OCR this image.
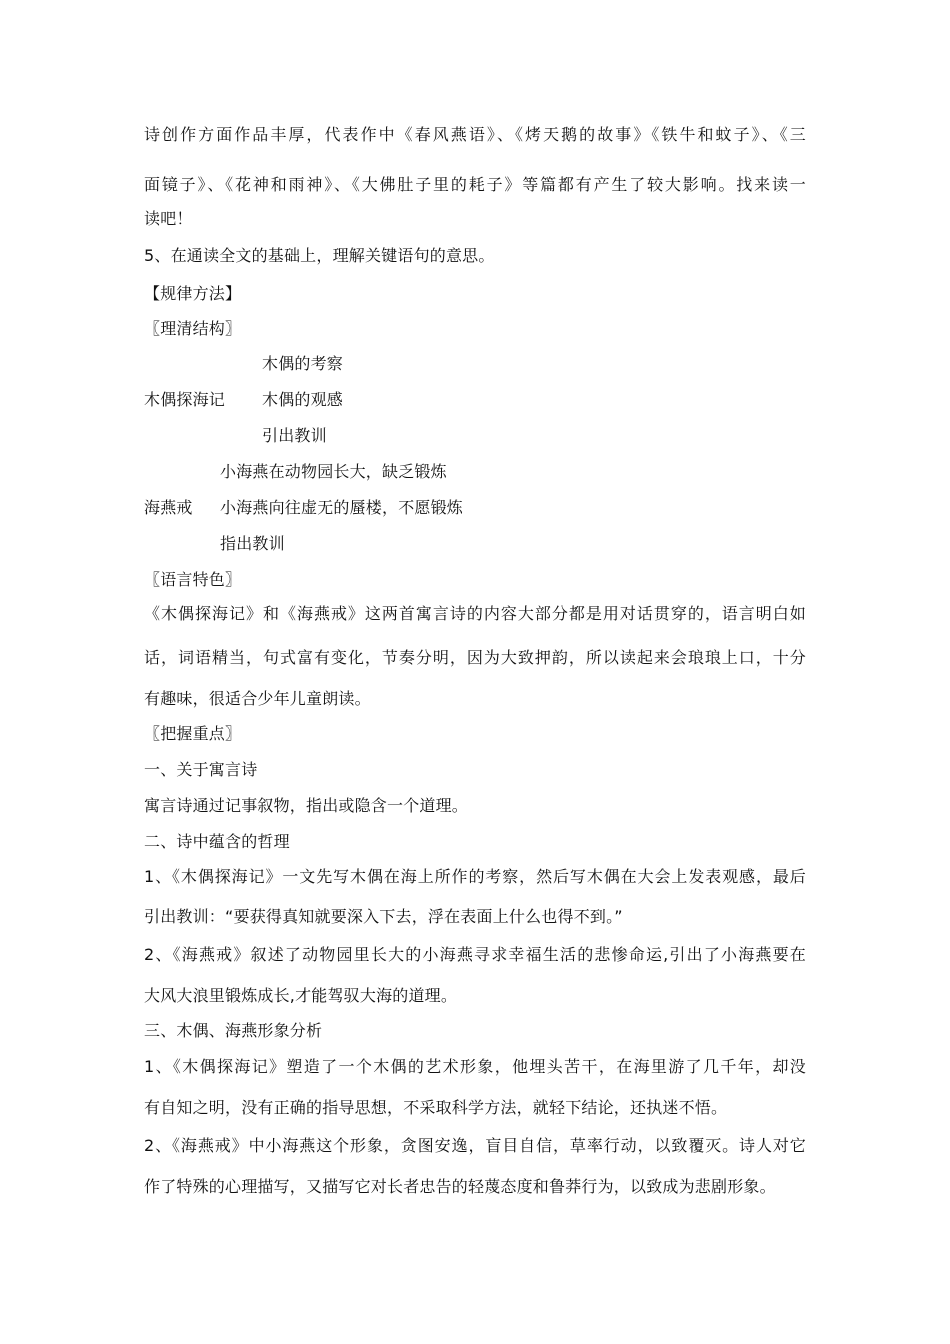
诗创作方面作品丰厚，代表作中《春风燕语》、《烤天鹅的故事》《铁牛和蚊子》、《三
面镜子》、《花神和雨神》、《大佛肚子里的耗子》等篇都有产生了较大影响。找来读一
读吧！
5、在通读全文的基础上，理解关键语句的意思。
【规律方法】
〖理清结构〗
木偶的考察
木偶探海记 木偶的观感
引出教训
小海燕在动物园长大，缺乏锻炼
海燕戒 小海燕向往虚无的蜃楼，不愿锻炼
指出教训
〖语言特色〗
《木偶探海记》和《海燕戒》这两首寓言诗的内容大部分都是用对话贯穿的，语言明白如
话，词语精当，句式富有变化，节奏分明，因为大致押韵，所以读起来会琅琅上口，十分
有趣味，很适合少年儿童朗读。
〖把握重点〗
一、关于寓言诗
寓言诗通过记事叙物，指出或隐含一个道理。
二、诗中蕴含的哲理
1、《木偶探海记》一文先写木偶在海上所作的考察，然后写木偶在大会上发表观感，最后
引出教训：“要获得真知就要深入下去，浮在表面上什么也得不到。”
2、《海燕戒》叙述了动物园里长大的小海燕寻求幸福生活的悲惨命运,引出了小海燕要在
大风大浪里锻炼成长,才能驾驭大海的道理。
三、木偶、海燕形象分析
1、《木偶探海记》塑造了一个木偶的艺术形象，他埋头苦干，在海里游了几千年，却没
有自知之明，没有正确的指导思想，不采取科学方法，就轻下结论，还执迷不悟。
2、《海燕戒》中小海燕这个形象，贪图安逸，盲目自信，草率行动，以致覆灭。诗人对它
作了特殊的心理描写，又描写它对长者忠告的轻蔑态度和鲁莽行为，以致成为悲剧形象。
